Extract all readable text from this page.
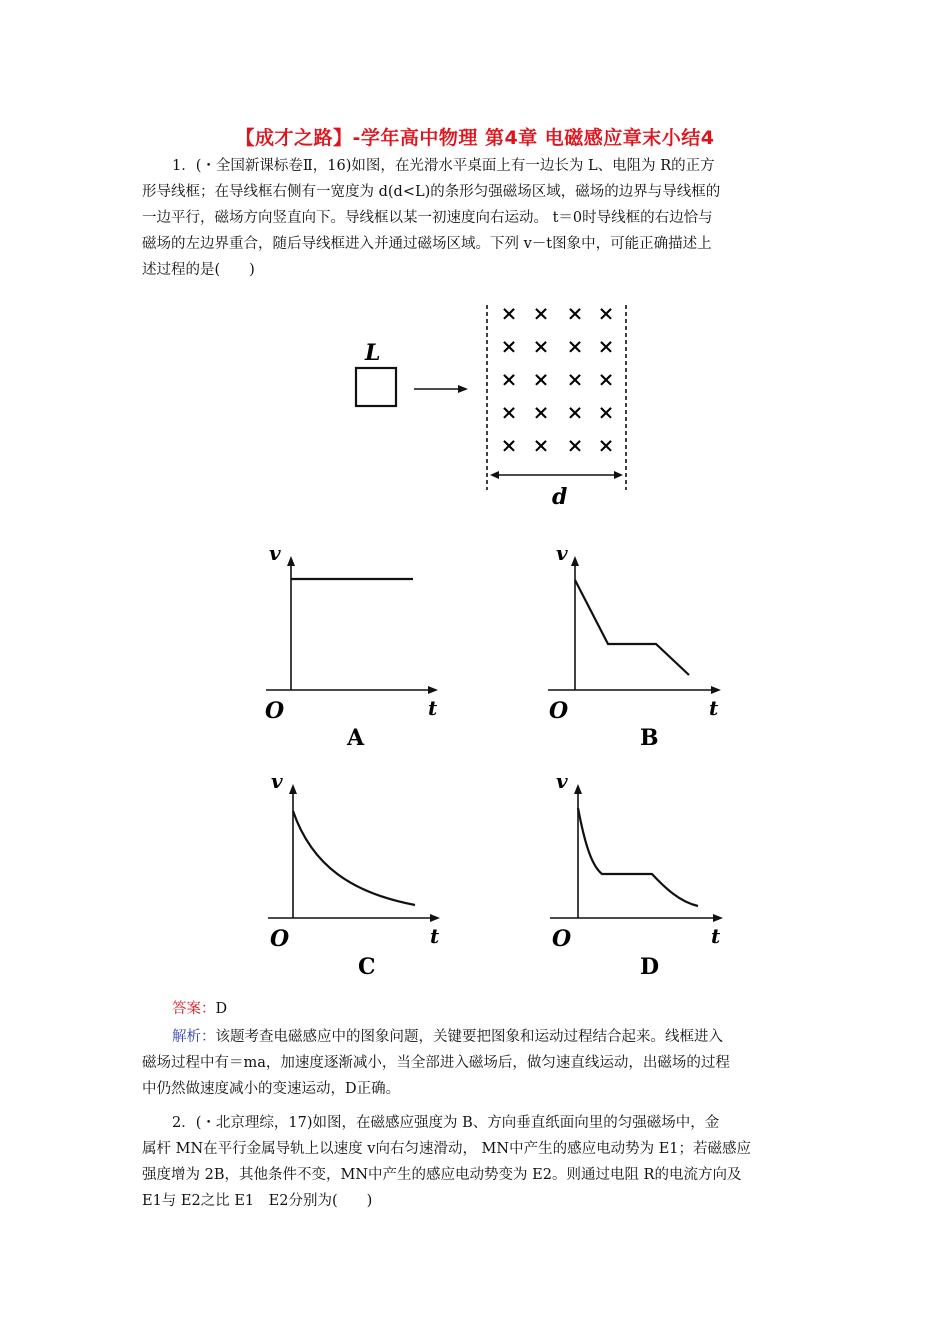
【成才之路】-学年高中物理 第4章 电磁感应章末小结4
1．(・全国新课标卷Ⅱ，16)如图，在光滑水平桌面上有一边长为 L、电阻为 R的正方
形导线框；在导线框右侧有一宽度为 d(d<L)的条形匀强磁场区域，磁场的边界与导线框的
一边平行，磁场方向竖直向下。导线框以某一初速度向右运动。 t＝0时导线框的右边恰与
磁场的左边界重合，随后导线框进入并通过磁场区域。下列 v－t图象中，可能正确描述上
述过程的是(　　)
L
× × × ×
× × × ×
× × × ×
× × × ×
× × × ×
d
v
t
O
A
v
t
O
B
v
t
O
C
v
t
O
D
答案：D
解析：该题考查电磁感应中的图象问题，关键要把图象和运动过程结合起来。线框进入
磁场过程中有＝ma，加速度逐渐减小，当全部进入磁场后，做匀速直线运动，出磁场的过程
中仍然做速度减小的变速运动，D正确。
2．(・北京理综，17)如图，在磁感应强度为 B、方向垂直纸面向里的匀强磁场中，金
属杆 MN在平行金属导轨上以速度 v向右匀速滑动， MN中产生的感应电动势为 E1；若磁感应
强度增为 2B，其他条件不变，MN中产生的感应电动势变为 E2。则通过电阻 R的电流方向及
E1与 E2之比 E1　E2分别为(　　)
